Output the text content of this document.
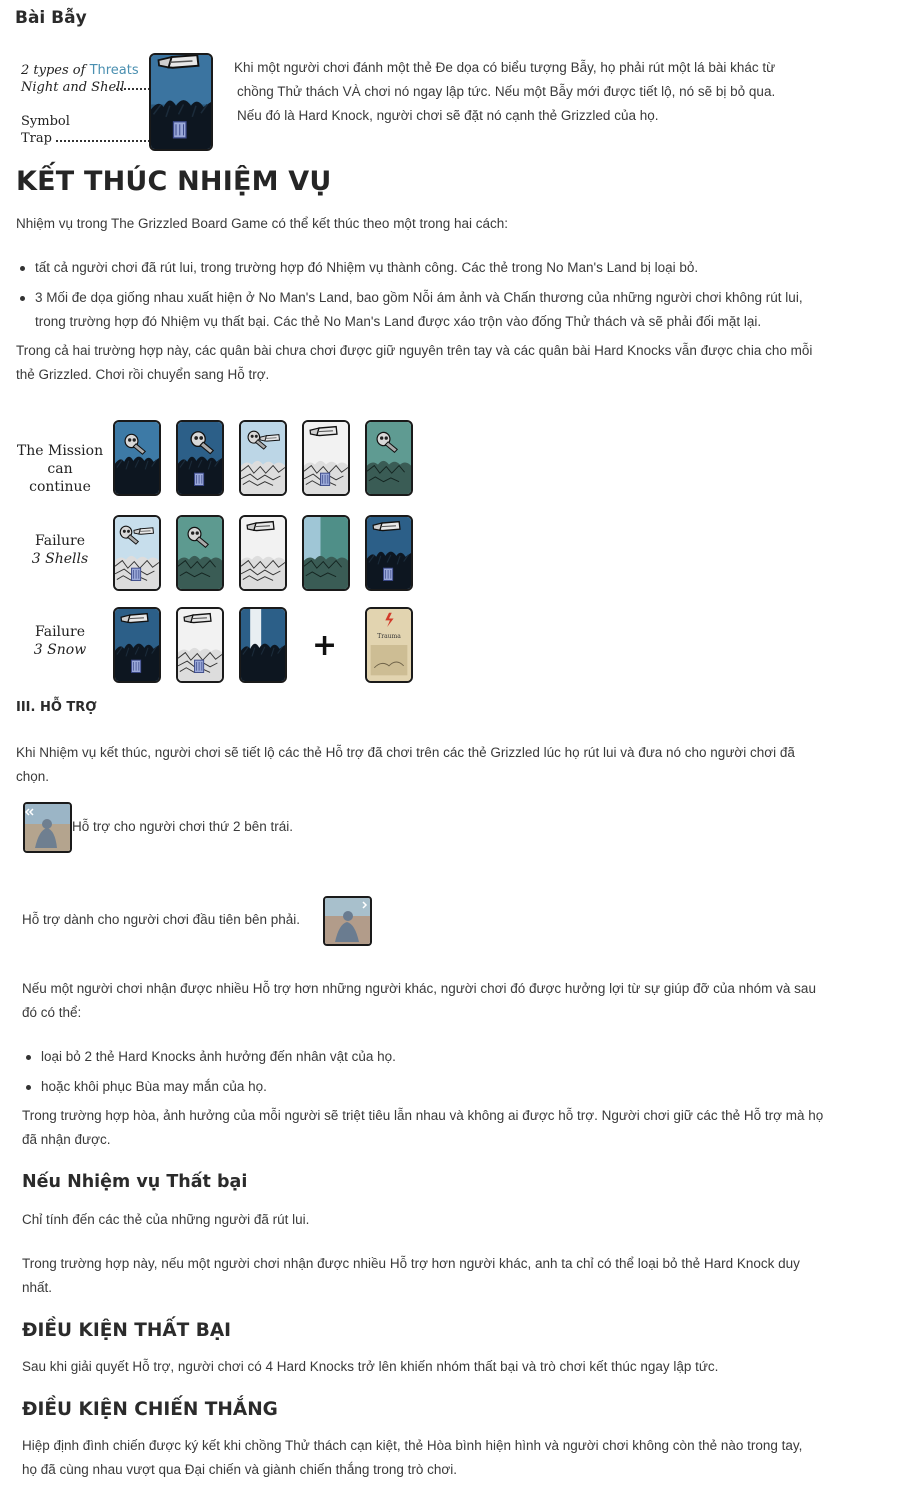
Bài Bẫy
2 types of Threats
Night and Shell
Symbol
Trap
Khi một người chơi đánh một thẻ Đe dọa có biểu tượng Bẫy, họ phải rút một lá bài khác từ
chồng Thử thách VÀ chơi nó ngay lập tức. Nếu một Bẫy mới được tiết lộ, nó sẽ bị bỏ qua.
Nếu đó là Hard Knock, người chơi sẽ đặt nó cạnh thẻ Grizzled của họ.
KẾT THÚC NHIỆM VỤ
Nhiệm vụ trong The Grizzled Board Game có thể kết thúc theo một trong hai cách:
tất cả người chơi đã rút lui, trong trường hợp đó Nhiệm vụ thành công. Các thẻ trong No Man's Land bị loại bỏ.
3 Mối đe dọa giống nhau xuất hiện ở No Man's Land, bao gồm Nỗi ám ảnh và Chấn thương của những người chơi không rút lui,
trong trường hợp đó Nhiệm vụ thất bại. Các thẻ No Man's Land được xáo trộn vào đống Thử thách và sẽ phải đối mặt lại.
Trong cả hai trường hợp này, các quân bài chưa chơi được giữ nguyên trên tay và các quân bài Hard Knocks vẫn được chia cho mỗi
thẻ Grizzled. Chơi rồi chuyển sang Hỗ trợ.
The Mission
can continue
Failure
3 Shells
Failure
3 Snow	+	Trauma
III. HỖ TRỢ
Khi Nhiệm vụ kết thúc, người chơi sẽ tiết lộ các thẻ Hỗ trợ đã chơi trên các thẻ Grizzled lúc họ rút lui và đưa nó cho người chơi đã
chọn.
Hỗ trợ cho người chơi thứ 2 bên trái.
Hỗ trợ dành cho người chơi đầu tiên bên phải.
Nếu một người chơi nhận được nhiều Hỗ trợ hơn những người khác, người chơi đó được hưởng lợi từ sự giúp đỡ của nhóm và sau
đó có thể:
loại bỏ 2 thẻ Hard Knocks ảnh hưởng đến nhân vật của họ.
hoặc khôi phục Bùa may mắn của họ.
Trong trường hợp hòa, ảnh hưởng của mỗi người sẽ triệt tiêu lẫn nhau và không ai được hỗ trợ. Người chơi giữ các thẻ Hỗ trợ mà họ
đã nhận được.
Nếu Nhiệm vụ Thất bại
Chỉ tính đến các thẻ của những người đã rút lui.
Trong trường hợp này, nếu một người chơi nhận được nhiều Hỗ trợ hơn người khác, anh ta chỉ có thể loại bỏ thẻ Hard Knock duy
nhất.
ĐIỀU KIỆN THẤT BẠI
Sau khi giải quyết Hỗ trợ, người chơi có 4 Hard Knocks trở lên khiến nhóm thất bại và trò chơi kết thúc ngay lập tức.
ĐIỀU KIỆN CHIẾN THẮNG
Hiệp định đình chiến được ký kết khi chồng Thử thách cạn kiệt, thẻ Hòa bình hiện hình và người chơi không còn thẻ nào trong tay,
họ đã cùng nhau vượt qua Đại chiến và giành chiến thắng trong trò chơi.
